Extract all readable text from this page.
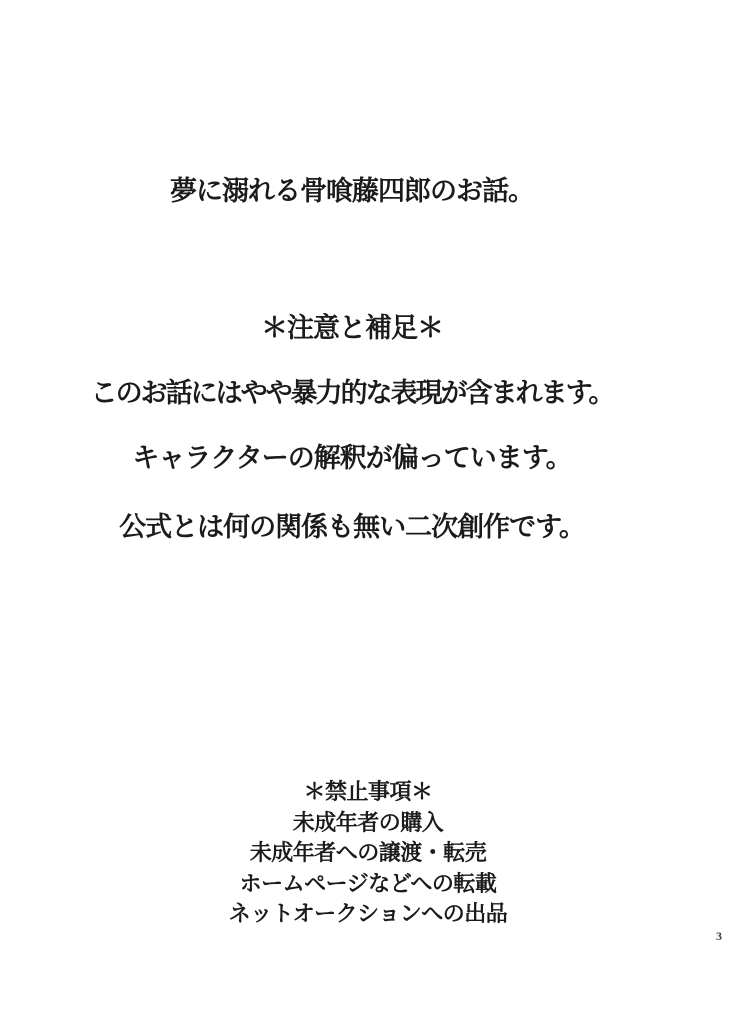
夢に溺れる骨喰藤四郎のお話。
＊注意と補足＊
このお話にはやや暴力的な表現が含まれます。
キャラクターの解釈が偏っています。
公式とは何の関係も無い二次創作です。
＊禁止事項＊
未成年者の購入
未成年者への譲渡・転売
ホームページなどへの転載
ネットオークションへの出品
3
